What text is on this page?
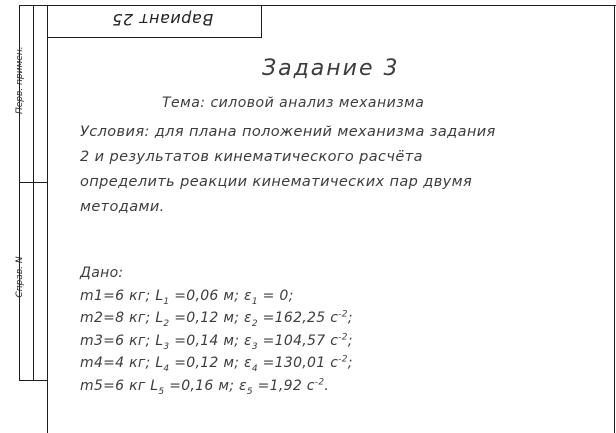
Перв. примен.
Справ. N
Вариант 25
Задание 3
Тема: силовой анализ механизма
Условия: для плана положений механизма задания
2 и результатов кинематического расчёта
определить реакции кинематических пар двумя
методами.
Дано:
m1=6 кг; $L_1 =0,06$ м; $\varepsilon_1 = 0$;
m2=8 кг; $L_2 =0,12$ м; $\varepsilon_2 =162,25$ $с^{-2}$;
m3=6 кг; $L_3 =0,14$ м; $\varepsilon_3 =104,57$ $с^{-2}$;
m4=4 кг; $L_4 =0,12$ м; $\varepsilon_4 =130,01$ $с^{-2}$;
m5=6 кг $L_5 =0,16$ м; $\varepsilon_5 =1,92$ $с^{-2}$.
